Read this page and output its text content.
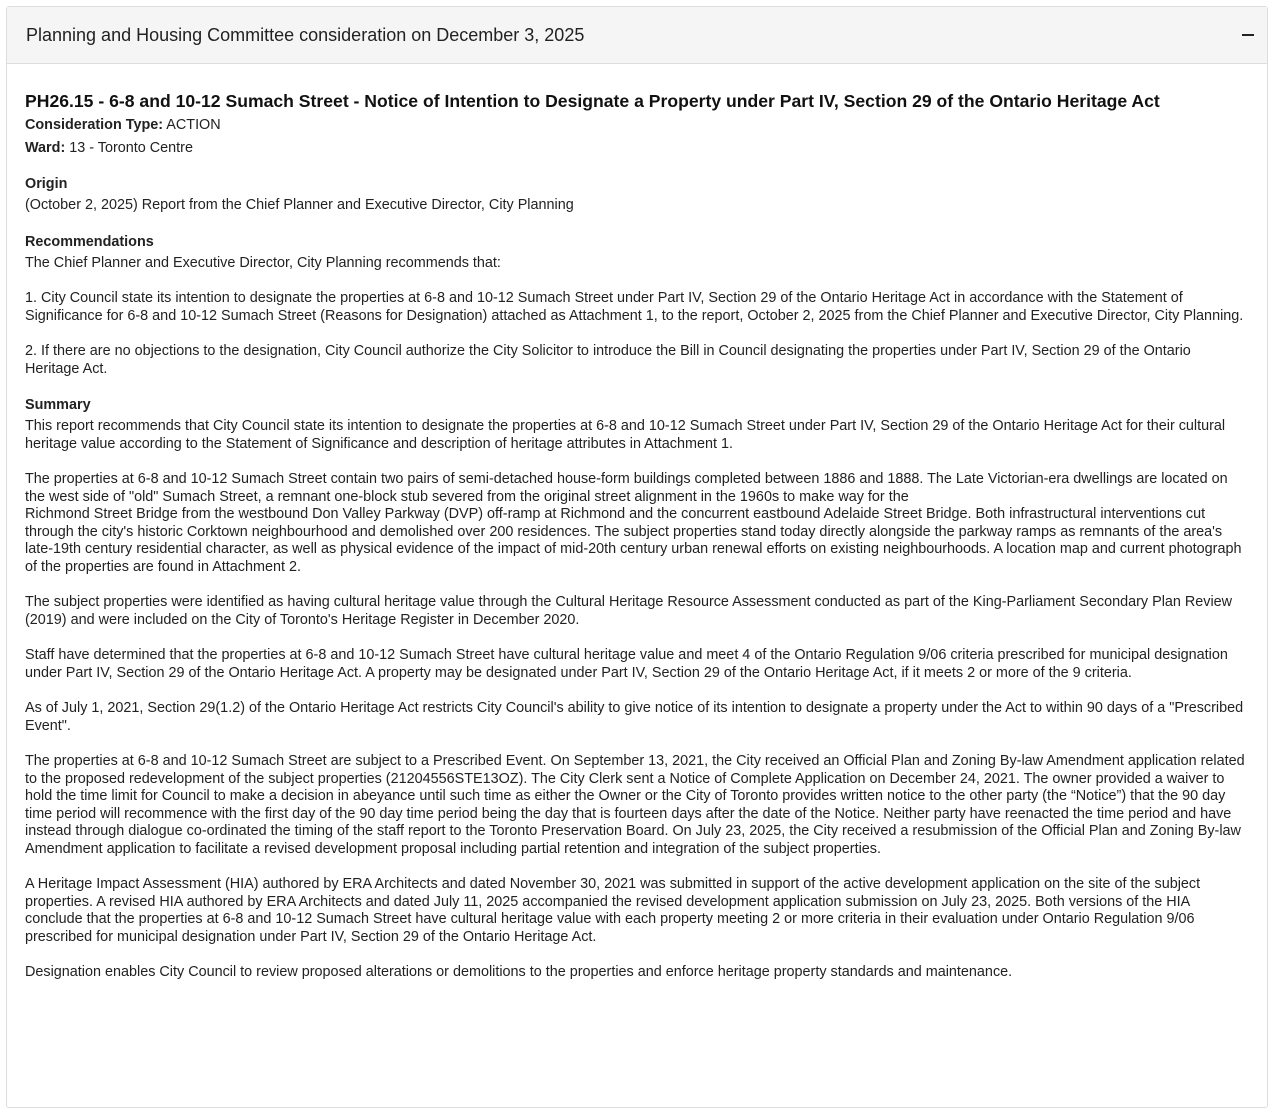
Planning and Housing Committee consideration on December 3, 2025
PH26.15 - 6-8 and 10-12 Sumach Street - Notice of Intention to Designate a Property under Part IV, Section 29 of the Ontario Heritage Act
Consideration Type: ACTION
Ward: 13 - Toronto Centre
Origin

(October 2, 2025) Report from the Chief Planner and Executive Director, City Planning

Recommendations

The Chief Planner and Executive Director, City Planning recommends that:

1. City Council state its intention to designate the properties at 6-8 and 10-12 Sumach Street under Part IV, Section 29 of the Ontario Heritage Act in accordance with the Statement of Significance for 6-8 and 10-12 Sumach Street (Reasons for Designation) attached as Attachment 1, to the report, October 2, 2025 from the Chief Planner and Executive Director, City Planning.

2. If there are no objections to the designation, City Council authorize the City Solicitor to introduce the Bill in Council designating the properties under Part IV, Section 29 of the Ontario Heritage Act.

Summary

This report recommends that City Council state its intention to designate the properties at 6-8 and 10-12 Sumach Street under Part IV, Section 29 of the Ontario Heritage Act for their cultural heritage value according to the Statement of Significance and description of heritage attributes in Attachment 1.

The properties at 6-8 and 10-12 Sumach Street contain two pairs of semi-detached house-form buildings completed between 1886 and 1888. The Late Victorian-era dwellings are located on the west side of "old" Sumach Street, a remnant one-block stub severed from the original street alignment in the 1960s to make way for the

Richmond Street Bridge from the westbound Don Valley Parkway (DVP) off-ramp at Richmond and the concurrent eastbound Adelaide Street Bridge. Both infrastructural interventions cut through the city's historic Corktown neighbourhood and demolished over 200 residences. The subject properties stand today directly alongside the parkway ramps as remnants of the area's late-19th century residential character, as well as physical evidence of the impact of mid-20th century urban renewal efforts on existing neighbourhoods. A location map and current photograph of the properties are found in Attachment 2.

The subject properties were identified as having cultural heritage value through the Cultural Heritage Resource Assessment conducted as part of the King-Parliament Secondary Plan Review (2019) and were included on the City of Toronto's Heritage Register in December 2020.

Staff have determined that the properties at 6-8 and 10-12 Sumach Street have cultural heritage value and meet 4 of the Ontario Regulation 9/06 criteria prescribed for municipal designation under Part IV, Section 29 of the Ontario Heritage Act. A property may be designated under Part IV, Section 29 of the Ontario Heritage Act, if it meets 2 or more of the 9 criteria.

As of July 1, 2021, Section 29(1.2) of the Ontario Heritage Act restricts City Council's ability to give notice of its intention to designate a property under the Act to within 90 days of a "Prescribed Event".

The properties at 6-8 and 10-12 Sumach Street are subject to a Prescribed Event. On September 13, 2021, the City received an Official Plan and Zoning By-law Amendment application related to the proposed redevelopment of the subject properties (21204556STE13OZ). The City Clerk sent a Notice of Complete Application on December 24, 2021. The owner provided a waiver to hold the time limit for Council to make a decision in abeyance until such time as either the Owner or the City of Toronto provides written notice to the other party (the “Notice”) that the 90 day time period will recommence with the first day of the 90 day time period being the day that is fourteen days after the date of the Notice. Neither party have reenacted the time period and have instead through dialogue co-ordinated the timing of the staff report to the Toronto Preservation Board. On July 23, 2025, the City received a resubmission of the Official Plan and Zoning By-law Amendment application to facilitate a revised development proposal including partial retention and integration of the subject properties.

A Heritage Impact Assessment (HIA) authored by ERA Architects and dated November 30, 2021 was submitted in support of the active development application on the site of the subject properties. A revised HIA authored by ERA Architects and dated July 11, 2025 accompanied the revised development application submission on July 23, 2025. Both versions of the HIA conclude that the properties at 6-8 and 10-12 Sumach Street have cultural heritage value with each property meeting 2 or more criteria in their evaluation under Ontario Regulation 9/06 prescribed for municipal designation under Part IV, Section 29 of the Ontario Heritage Act.

Designation enables City Council to review proposed alterations or demolitions to the properties and enforce heritage property standards and maintenance.
